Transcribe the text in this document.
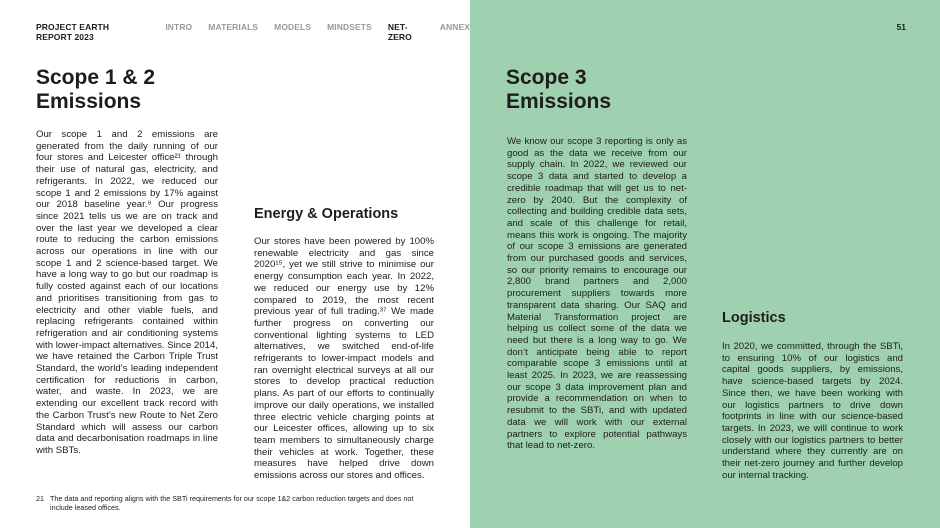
PROJECT EARTH REPORT 2023
INTRO MATERIALS MODELS MINDSETS NET-ZERO
ANNEX
Scope 1 & 2
Emissions
Our scope 1 and 2 emissions are generated from the daily running of our four stores and Leicester office²¹ through their use of natural gas, electricity, and refrigerants. In 2022, we reduced our scope 1 and 2 emissions by 17% against our 2018 baseline year.⁸ Our progress since 2021 tells us we are on track and over the last year we developed a clear route to reducing the carbon emissions across our operations in line with our scope 1 and 2 science-based target. We have a long way to go but our roadmap is fully costed against each of our locations and prioritises transitioning from gas to electricity and other viable fuels, and replacing refrigerants contained within refrigeration and air conditioning systems with lower-impact alternatives. Since 2014, we have retained the Carbon Triple Trust Standard, the world’s leading independent certification for reductions in carbon, water, and waste. In 2023, we are extending our excellent track record with the Carbon Trust’s new Route to Net Zero Standard which will assess our carbon data and decarbonisation roadmaps in line with SBTs.
Energy & Operations
Our stores have been powered by 100% renewable electricity and gas since 2020¹⁵, yet we still strive to minimise our energy consumption each year. In 2022, we reduced our energy use by 12% compared to 2019, the most recent previous year of full trading.³⁷ We made further progress on converting our conventional lighting systems to LED alternatives, we switched end-of-life refrigerants to lower-impact models and ran overnight electrical surveys at all our stores to develop practical reduction plans. As part of our efforts to continually improve our daily operations, we installed three electric vehicle charging points at our Leicester offices, allowing up to six team members to simultaneously charge their vehicles at work. Together, these measures have helped drive down emissions across our stores and offices.
21 The data and reporting aligns with the SBTi requirements for our scope 1&2 carbon reduction targets and does not include leased offices.
51
Scope 3
Emissions
We know our scope 3 reporting is only as good as the data we receive from our supply chain. In 2022, we reviewed our scope 3 data and started to develop a credible roadmap that will get us to net-zero by 2040. But the complexity of collecting and building credible data sets, and scale of this challenge for retail, means this work is ongoing. The majority of our scope 3 emissions are generated from our purchased goods and services, so our priority remains to encourage our 2,800 brand partners and 2,000 procurement suppliers towards more transparent data sharing. Our SAQ and Material Transformation project are helping us collect some of the data we need but there is a long way to go. We don’t anticipate being able to report comparable scope 3 emissions until at least 2025. In 2023, we are reassessing our scope 3 data improvement plan and provide a recommendation on when to resubmit to the SBTi, and with updated data we will work with our external partners to explore potential pathways that lead to net-zero.
Logistics
In 2020, we committed, through the SBTi, to ensuring 10% of our logistics and capital goods suppliers, by emissions, have science-based targets by 2024. Since then, we have been working with our logistics partners to drive down footprints in line with our science-based targets. In 2023, we will continue to work closely with our logistics partners to better understand where they currently are on their net-zero journey and further develop our internal tracking.
